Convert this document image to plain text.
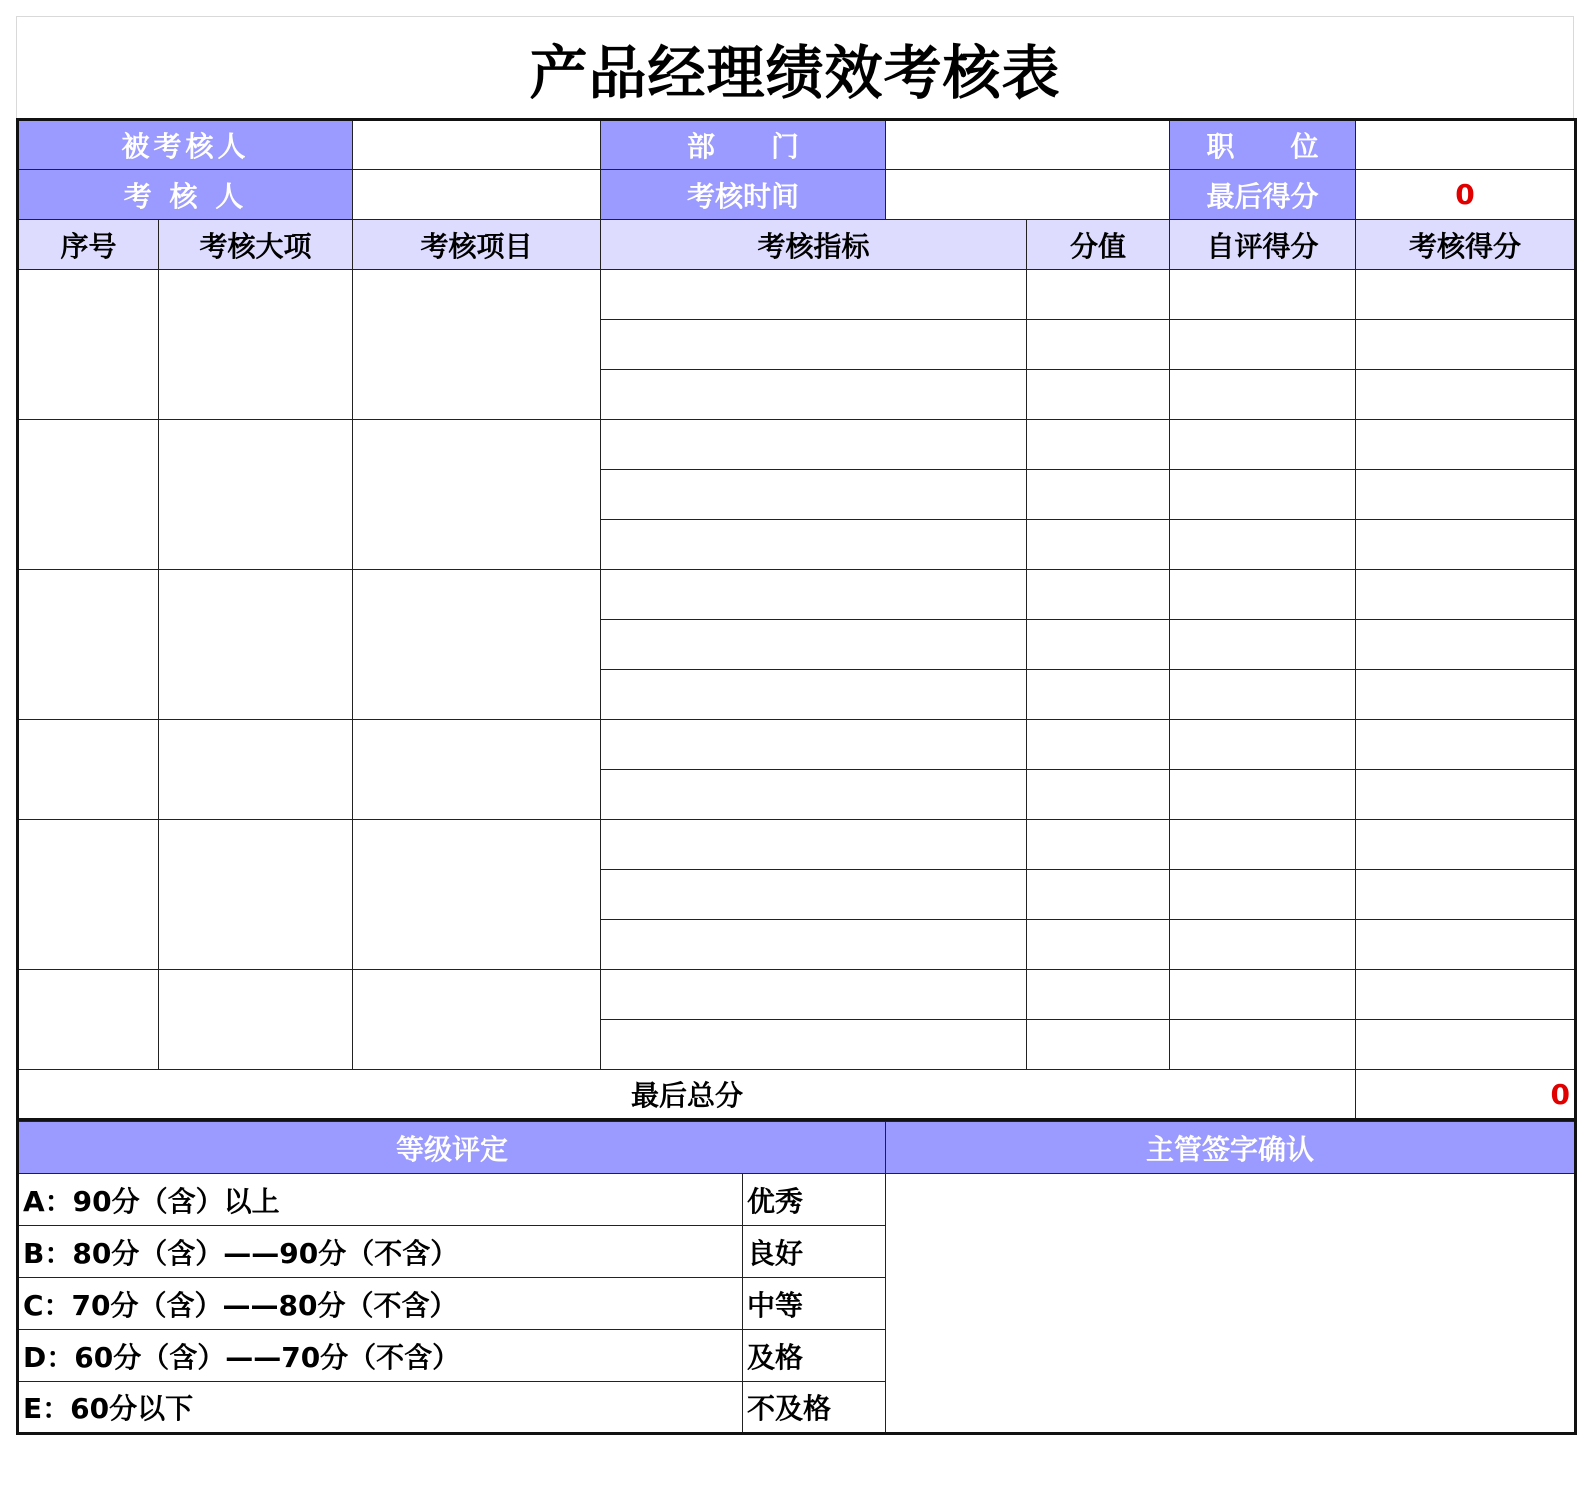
产品经理绩效考核表
被考核人			部　　门			职　　位	
考 核 人			考核时间			最后得分	0
序号	考核大项	考核项目	考核指标		分值	自评得分	考核得分

最后总分							0
等级评定		主管签字确认
A：90分（含）以上	优秀	
B：80分（含）——90分（不含）	良好	
C：70分（含）——80分（不含）	中等	
D：60分（含）——70分（不含）	及格	
E：60分以下	不及格	
